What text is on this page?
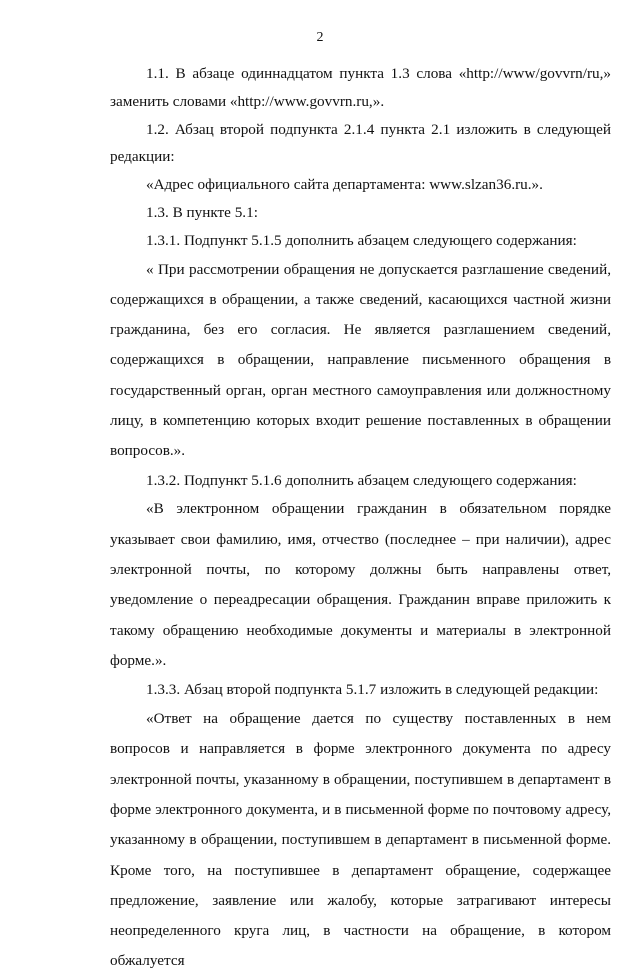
2

1.1. В абзаце одиннадцатом пункта 1.3 слова «http://www/govvrn/ru,» заменить словами «http://www.govvrn.ru,».

1.2. Абзац второй подпункта 2.1.4 пункта 2.1 изложить в следующей редакции:

«Адрес официального сайта департамента: www.slzan36.ru.».

1.3. В пункте 5.1:

1.3.1. Подпункт 5.1.5 дополнить абзацем следующего содержания:

« При рассмотрении обращения не допускается разглашение сведений, содержащихся в обращении, а также сведений, касающихся частной жизни гражданина, без его согласия. Не является разглашением сведений, содержащихся в обращении, направление письменного обращения в государственный орган, орган местного самоуправления или должностному лицу, в компетенцию которых входит решение поставленных в обращении вопросов.».

1.3.2. Подпункт 5.1.6 дополнить абзацем следующего содержания:

«В электронном обращении гражданин в обязательном порядке указывает свои фамилию, имя, отчество (последнее – при наличии), адрес электронной почты, по которому должны быть направлены ответ, уведомление о переадресации обращения. Гражданин вправе приложить к такому обращению необходимые документы и материалы в электронной форме.».

1.3.3. Абзац второй подпункта 5.1.7 изложить в следующей редакции:

«Ответ на обращение дается по существу поставленных в нем вопросов и направляется в форме электронного документа по адресу электронной почты, указанному в обращении, поступившем в департамент в форме электронного документа, и в письменной форме по почтовому адресу, указанному в обращении, поступившем в департамент в письменной форме. Кроме того, на поступившее в департамент обращение, содержащее предложение, заявление или жалобу, которые затрагивают интересы неопределенного круга лиц, в частности на обращение, в котором обжалуется
